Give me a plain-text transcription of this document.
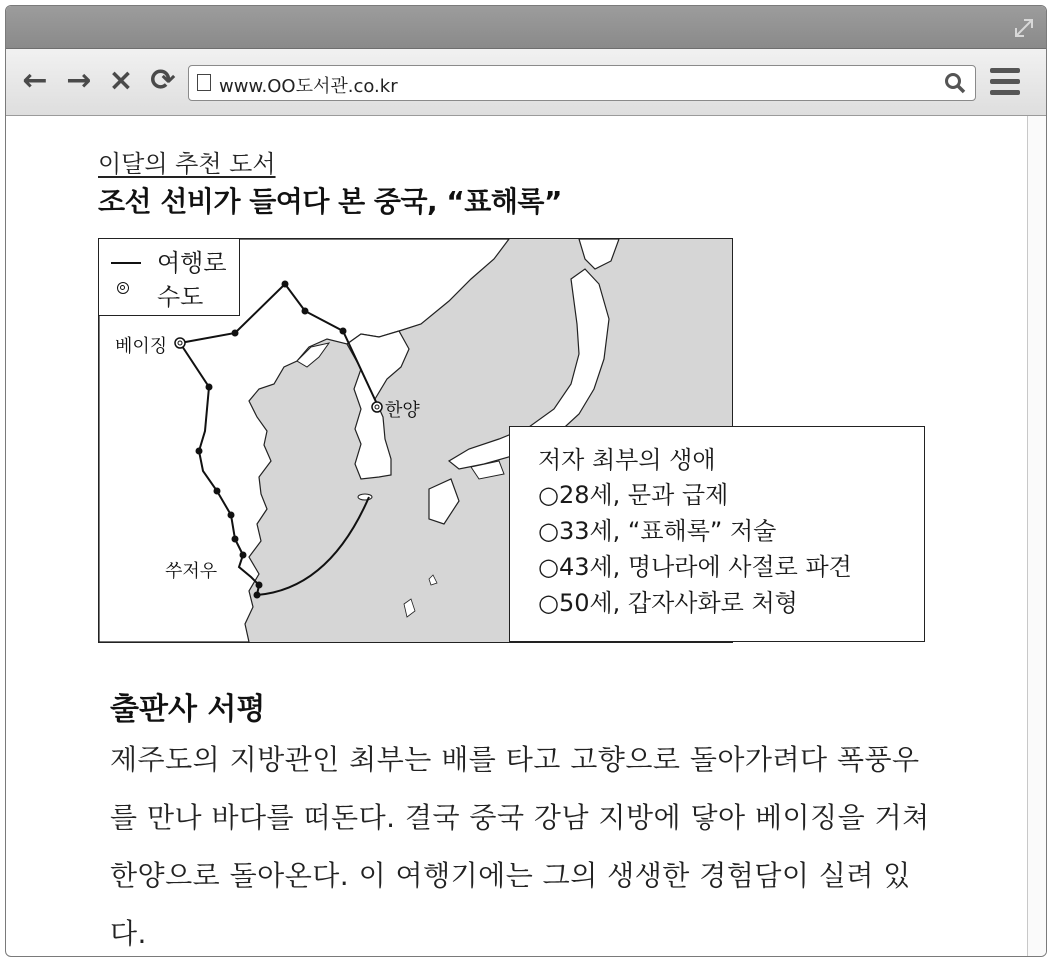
← → × ⟳ www.OO도서관.co.kr
이달의 추천 도서
조선 선비가 들여다 본 중국, “표해록”
여행로
수도
베이징
한양
쑤저우
저자 최부의 생애
○28세, 문과 급제
○33세, “표해록” 저술
○43세, 명나라에 사절로 파견
○50세, 갑자사화로 처형
출판사 서평
제주도의 지방관인 최부는 배를 타고 고향으로 돌아가려다 폭풍우를 만나 바다를 떠돈다. 결국 중국 강남 지방에 닿아 베이징을 거쳐 한양으로 돌아온다. 이 여행기에는 그의 생생한 경험담이 실려 있다.
